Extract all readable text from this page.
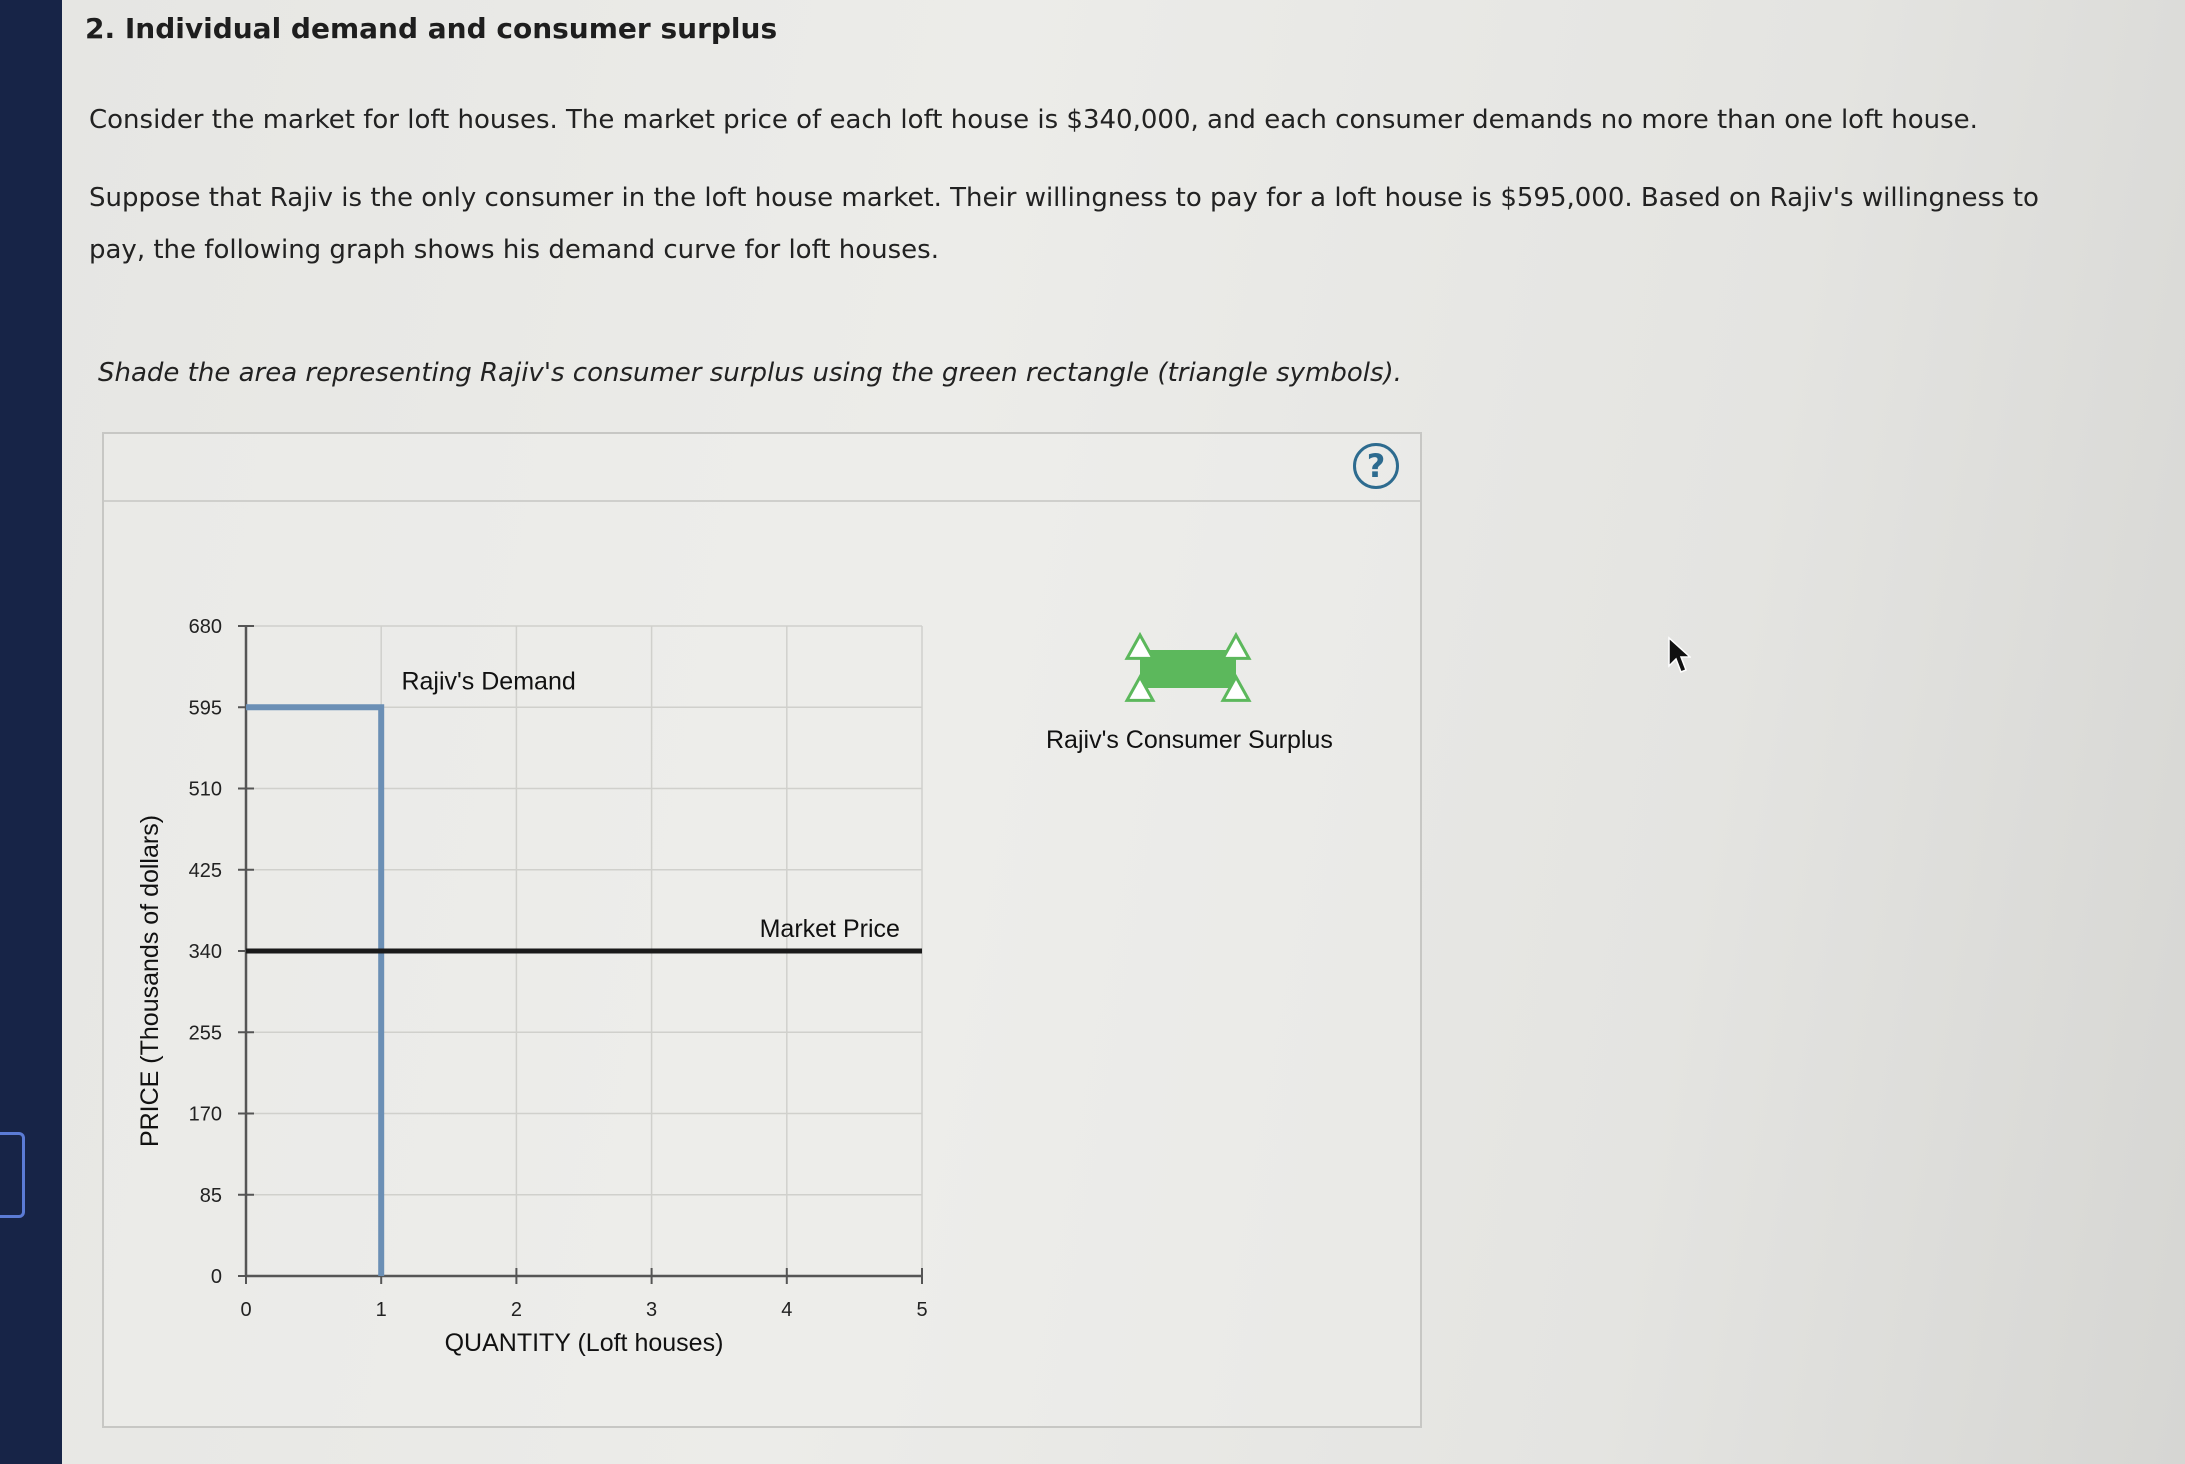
2. Individual demand and consumer surplus
Consider the market for loft houses. The market price of each loft house is $340,000, and each consumer demands no more than one loft house.
Suppose that Rajiv is the only consumer in the loft house market. Their willingness to pay for a loft house is $595,000. Based on Rajiv's willingness to
pay, the following graph shows his demand curve for loft houses.
Shade the area representing Rajiv's consumer surplus using the green rectangle (triangle symbols).
?
0
85
170
255
340
425
510
595
680
0	1	2	3	4	5
QUANTITY (Loft houses)
PRICE (Thousands of dollars)
Rajiv's Demand
Market Price
Rajiv's Consumer Surplus
